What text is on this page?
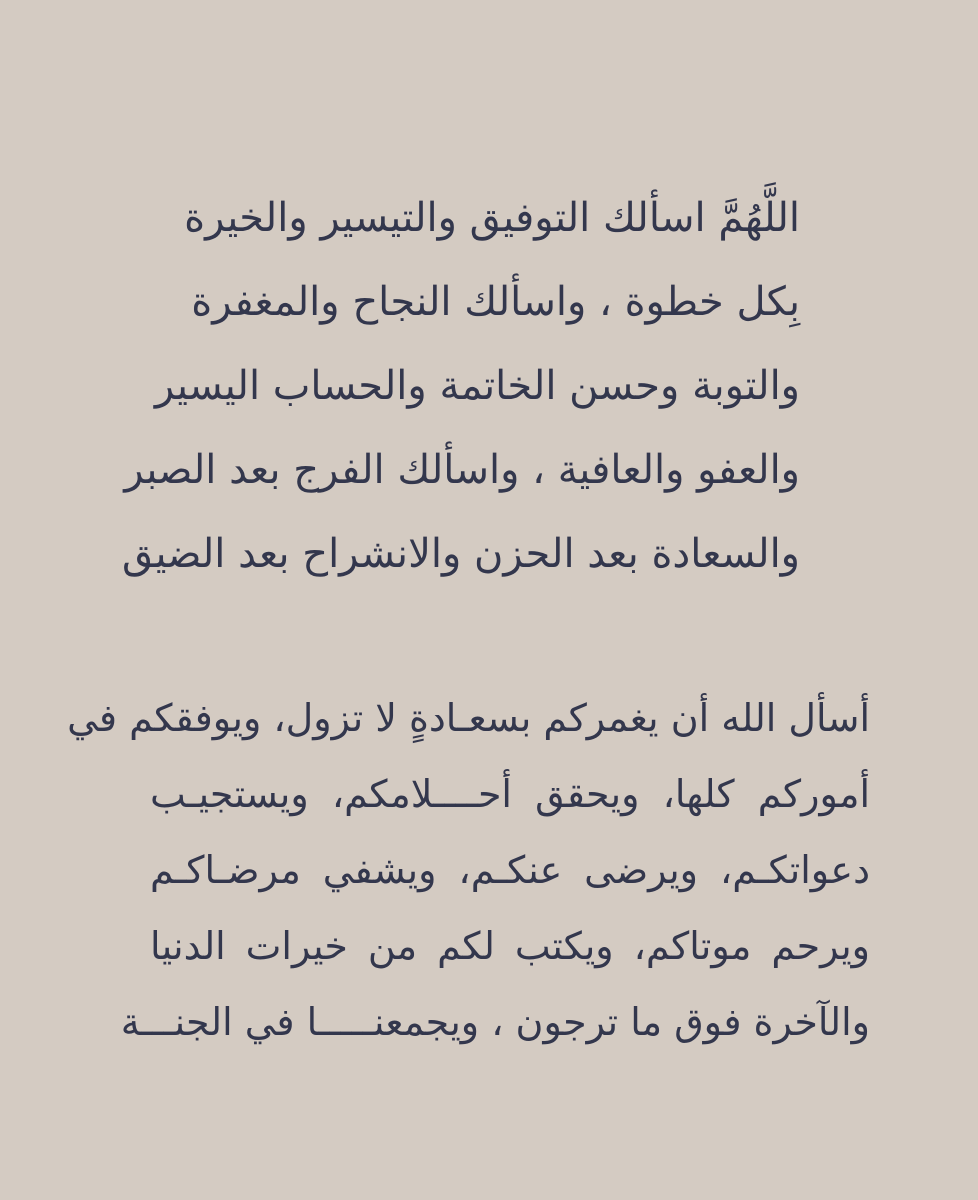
اللَّهُمَّ اسألك التوفيق والتيسير والخيرة
بِكل خطوة ، واسألك النجاح والمغفرة
والتوبة وحسن الخاتمة والحساب اليسير
والعفو والعافية ، واسألك الفرج بعد الصبر
والسعادة بعد الحزن والانشراح بعد الضيق
أسأل الله أن يغمركم بسعـادةٍ لا تزول، ويوفقكم في
أموركم كلها، ويحقق أحــــلامكم، ويستجيـب
دعواتكـم، ويرضى عنكـم، ويشفي مرضـاكـم
ويرحم موتاكم، ويكتب لكم من خيرات الدنيا
والآخرة فوق ما ترجون ، ويجمعنـــــا في الجنـــة
